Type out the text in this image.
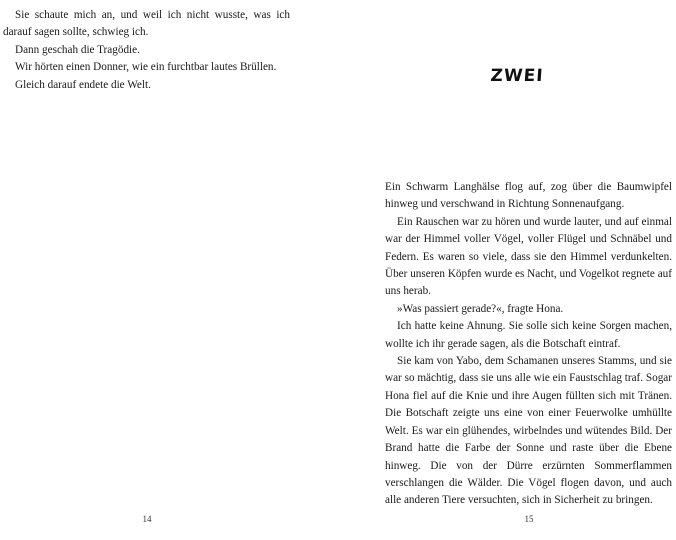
Sie schaute mich an, und weil ich nicht wusste, was ich darauf sagen sollte, schwieg ich.

Dann geschah die Tragödie.

Wir hörten einen Donner, wie ein furchtbar lautes Brüllen.

Gleich darauf endete die Welt.

14
ZWEI

Ein Schwarm Langhälse flog auf, zog über die Baumwipfel hinweg und verschwand in Richtung Sonnenaufgang.

Ein Rauschen war zu hören und wurde lauter, und auf einmal war der Himmel voller Vögel, voller Flügel und Schnäbel und Federn. Es waren so viele, dass sie den Himmel verdunkelten. Über unseren Köpfen wurde es Nacht, und Vogelkot regnete auf uns herab.

»Was passiert gerade?«, fragte Hona.

Ich hatte keine Ahnung. Sie solle sich keine Sorgen machen, wollte ich ihr gerade sagen, als die Botschaft eintraf.

Sie kam von Yabo, dem Schamanen unseres Stamms, und sie war so mächtig, dass sie uns alle wie ein Faustschlag traf. Sogar Hona fiel auf die Knie und ihre Augen füllten sich mit Tränen. Die Botschaft zeigte uns eine von einer Feuerwolke umhüllte Welt. Es war ein glühendes, wirbelndes und wütendes Bild. Der Brand hatte die Farbe der Sonne und raste über die Ebene hinweg. Die von der Dürre erzürnten Sommerflammen verschlangen die Wälder. Die Vögel flogen davon, und auch alle anderen Tiere versuchten, sich in Sicherheit zu bringen.

15
